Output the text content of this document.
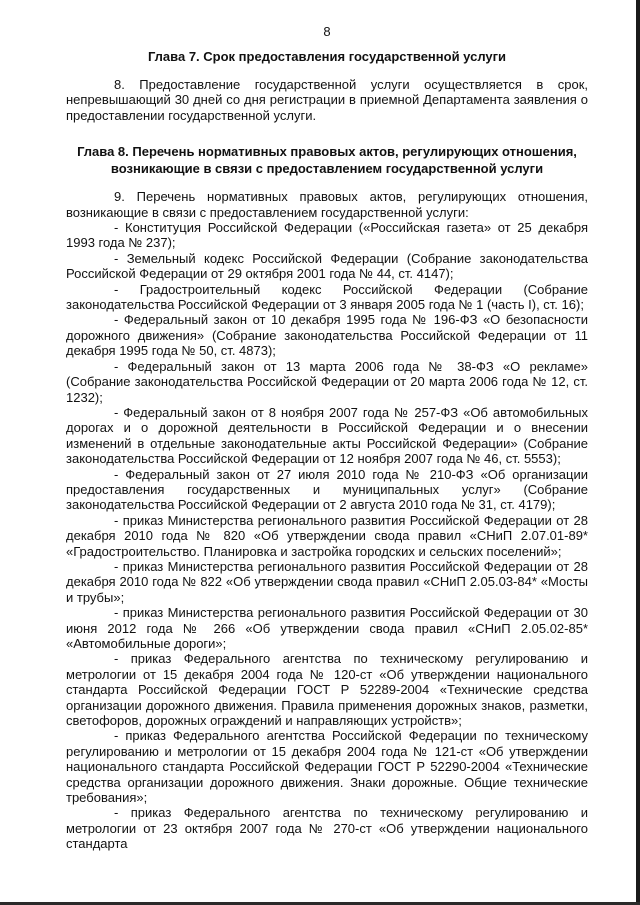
8
Глава 7. Срок предоставления государственной услуги

8. Предоставление государственной услуги осуществляется в срок, непревышающий 30 дней со дня регистрации в приемной Департамента заявления о предоставлении государственной услуги.

Глава 8. Перечень нормативных правовых актов, регулирующих отношения,
возникающие в связи с предоставлением государственной услуги

9. Перечень нормативных правовых актов, регулирующих отношения, возникающие в связи с предоставлением государственной услуги:

- Конституция Российской Федерации («Российская газета» от 25 декабря 1993 года № 237);

- Земельный кодекс Российской Федерации (Собрание законодательства Российской Федерации от 29 октября 2001 года № 44, ст. 4147);

- Градостроительный кодекс Российской Федерации (Собрание законодательства Российской Федерации от 3 января 2005 года № 1 (часть I), ст. 16);

- Федеральный закон от 10 декабря 1995 года № 196-ФЗ «О безопасности дорожного движения» (Собрание законодательства Российской Федерации от 11 декабря 1995 года № 50, ст. 4873);

- Федеральный закон от 13 марта 2006 года № 38-ФЗ «О рекламе» (Собрание законодательства Российской Федерации от 20 марта 2006 года № 12, ст. 1232);

- Федеральный закон от 8 ноября 2007 года № 257-ФЗ «Об автомобильных дорогах и о дорожной деятельности в Российской Федерации и о внесении изменений в отдельные законодательные акты Российской Федерации» (Собрание законодательства Российской Федерации от 12 ноября 2007 года № 46, ст. 5553);

- Федеральный закон от 27 июля 2010 года № 210-ФЗ «Об организации предоставления государственных и муниципальных услуг» (Собрание законодательства Российской Федерации от 2 августа 2010 года № 31, ст. 4179);

- приказ Министерства регионального развития Российской Федерации от 28 декабря 2010 года № 820 «Об утверждении свода правил «СНиП 2.07.01-89* «Градостроительство. Планировка и застройка городских и сельских поселений»;

- приказ Министерства регионального развития Российской Федерации от 28 декабря 2010 года № 822 «Об утверждении свода правил «СНиП 2.05.03-84* «Мосты и трубы»;

- приказ Министерства регионального развития Российской Федерации от 30 июня 2012 года № 266 «Об утверждении свода правил «СНиП 2.05.02-85* «Автомобильные дороги»;

- приказ Федерального агентства по техническому регулированию и метрологии от 15 декабря 2004 года № 120-ст «Об утверждении национального стандарта Российской Федерации ГОСТ Р 52289-2004 «Технические средства организации дорожного движения. Правила применения дорожных знаков, разметки, светофоров, дорожных ограждений и направляющих устройств»;

- приказ Федерального агентства Российской Федерации по техническому регулированию и метрологии от 15 декабря 2004 года № 121-ст «Об утверждении национального стандарта Российской Федерации ГОСТ Р 52290-2004 «Технические средства организации дорожного движения. Знаки дорожные. Общие технические требования»;

- приказ Федерального агентства по техническому регулированию и метрологии от 23 октября 2007 года № 270-ст «Об утверждении национального стандарта
